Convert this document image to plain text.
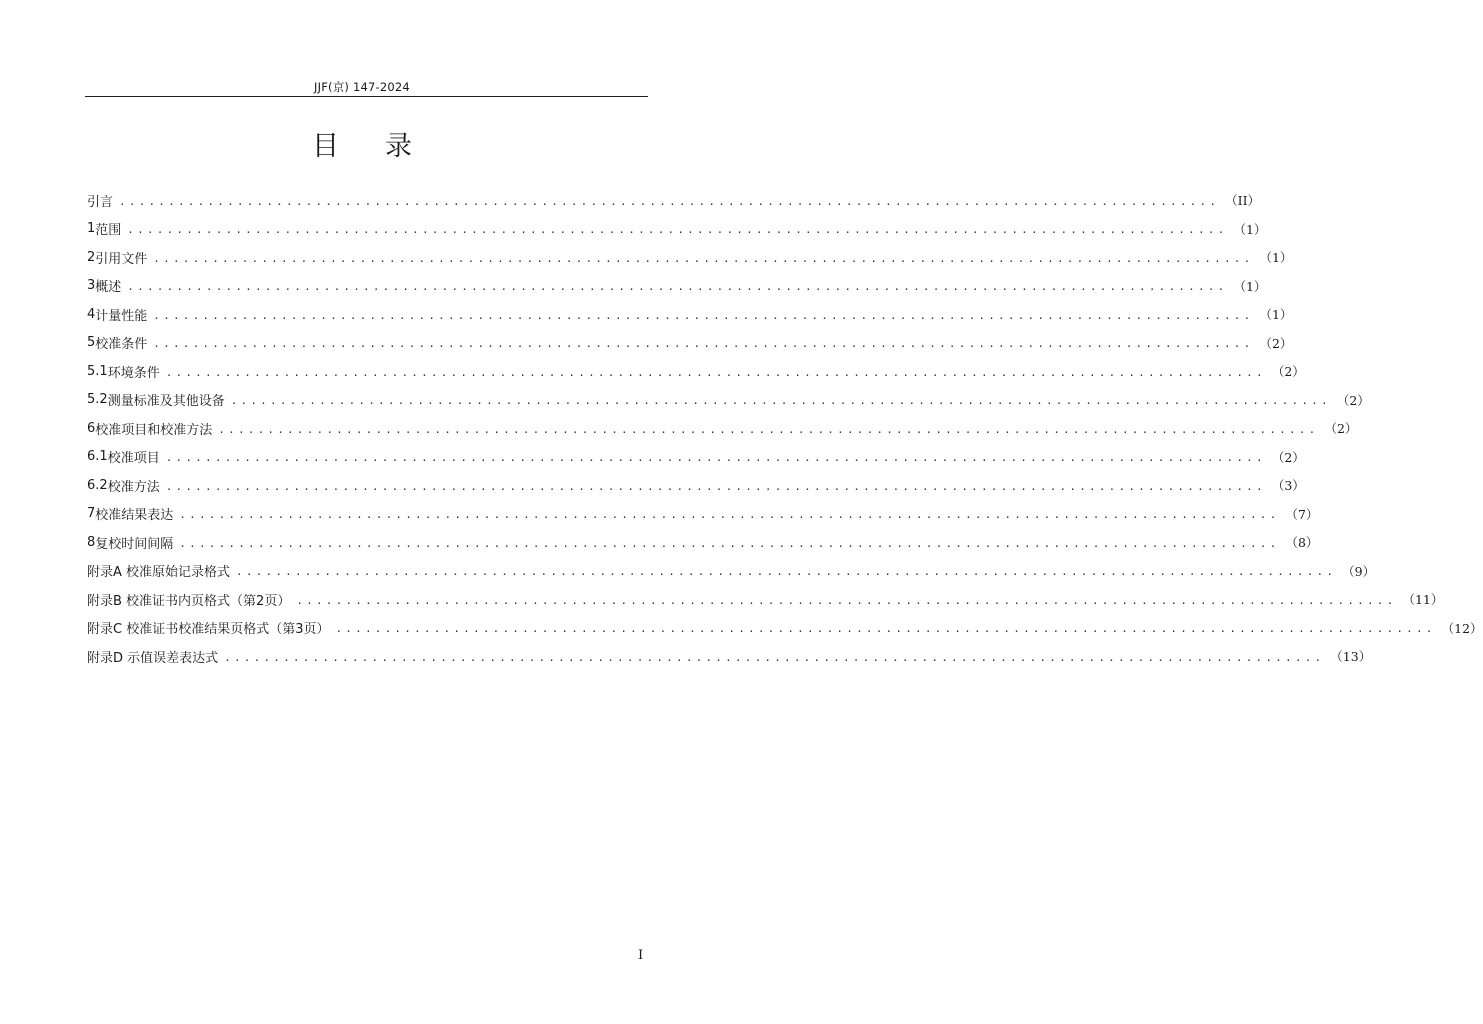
JJF(京) 147-2024
目 录
引言 ................................................................................................................ （II）
1 范围 ................................................................................................................ （1）
2 引用文件 ................................................................................................................ （1）
3 概述 ................................................................................................................ （1）
4 计量性能 ................................................................................................................ （1）
5 校准条件 ................................................................................................................ （2）
5.1 环境条件 ................................................................................................................ （2）
5.2 测量标准及其他设备 ................................................................................................................ （2）
6 校准项目和校准方法 ................................................................................................................ （2）
6.1 校准项目 ................................................................................................................ （2）
6.2 校准方法 ................................................................................................................ （3）
7 校准结果表达 ................................................................................................................ （7）
8 复校时间间隔 ................................................................................................................ （8）
附录A 校准原始记录格式 ................................................................................................................ （9）
附录B 校准证书内页格式（第2页） ................................................................................................................ （11）
附录C 校准证书校准结果页格式（第3页） ................................................................................................................ （12）
附录D 示值误差表达式 ................................................................................................................ （13）
I
